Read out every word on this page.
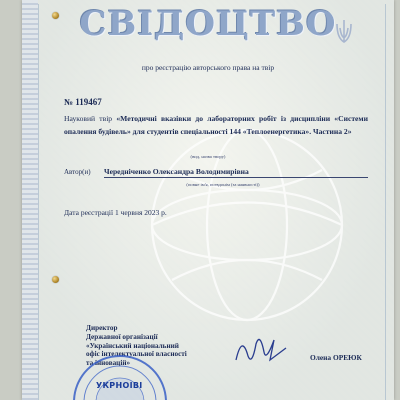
СВІДОЦТВО
про реєстрацію авторського права на твір
№ 119467
Науковий твір «Методичні вказівки до лабораторних робіт із дисципліни «Системи опалення будівель» для студентів спеціальності 144 «Теплоенергетика». Частина 2»
(вид, назва твору)
Автор(и) Чередніченко Олександра Володимирівна
(повне ім'я, псевдонім (за наявності))
Дата реєстрації 1 червня 2023 р.
Директор
Державної організації
«Український національний
офіс інтелектуальної власності
та інновацій»
Олена ОРЕЮК
УКРНОІВІ
